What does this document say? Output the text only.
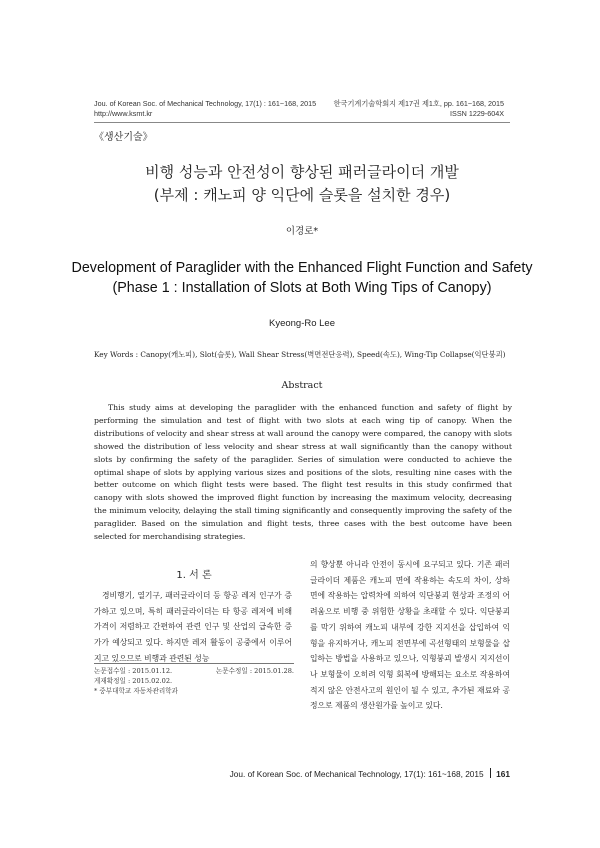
Jou. of Korean Soc. of Mechanical Technology, 17(1) : 161~168, 2015
http://www.ksmt.kr
한국기계기술학회지 제17권 제1호, pp. 161~168, 2015
ISSN 1229-604X
《생산기술》
비행 성능과 안전성이 향상된 패러글라이더 개발
(부제 : 캐노피 양 익단에 슬롯을 설치한 경우)
이경로*
Development of Paraglider with the Enhanced Flight Function and Safety
(Phase 1 : Installation of Slots at Both Wing Tips of Canopy)
Kyeong-Ro Lee
Key Words : Canopy(캐노피), Slot(슬롯), Wall Shear Stress(벽면전단응력), Speed(속도), Wing-Tip Collapse(익단붕괴)
Abstract

This study aims at developing the paraglider with the enhanced function and safety of flight by performing the simulation and test of flight with two slots at each wing tip of canopy. When the distributions of velocity and shear stress at wall around the canopy were compared, the canopy with slots showed the distribution of less velocity and shear stress at wall significantly than the canopy without slots by confirming the safety of the paraglider. Series of simulation were conducted to achieve the optimal shape of slots by applying various sizes and positions of the slots, resulting nine cases with the better outcome on which flight tests were based. The flight test results in this study confirmed that canopy with slots showed the improved flight function by increasing the maximum velocity, decreasing the minimum velocity, delaying the stall timing significantly and consequently improving the safety of the paraglider. Based on the simulation and flight tests, three cases with the best outcome have been selected for merchandising strategies.

1. 서 론

경비행기, 열기구, 패러글라이더 등 항공 레저 인구가 증가하고 있으며, 특히 패러글라이더는 타 항공 레저에 비해 가격이 저렴하고 간편하여 관련 인구 및 산업의 급속한 증가가 예상되고 있다. 하지만 레저 활동이 공중에서 이루어지고 있으므로 비행과 관련된 성능

의 향상뿐 아니라 안전이 동시에 요구되고 있다. 기존 패러글라이더 제품은 캐노피 면에 작용하는 속도의 차이, 상하면에 작용하는 압력차에 의하여 익단붕괴 현상과 조정의 어려움으로 비행 중 위험한 상황을 초래할 수 있다. 익단붕괴를 막기 위하여 캐노피 내부에 강한 지지선을 삽입하여 익형을 유지하거나, 캐노피 전면부에 곡선형태의 보형물을 삽입하는 방법을 사용하고 있으나, 익형붕괴 발생시 지지선이나 보형물이 오히려 익형 회복에 방해되는 요소로 작용하여 적지 않은 안전사고의 원인이 될 수 있고, 추가된 재료와 공정으로 제품의 생산원가를 높이고 있다.

논문접수일 : 2015.01.12.	논문수정일 : 2015.01.28.
게재확정일 : 2015.02.02.
* 중부대학교 자동차관리학과
Jou. of Korean Soc. of Mechanical Technology, 17(1): 161~168, 2015 161
